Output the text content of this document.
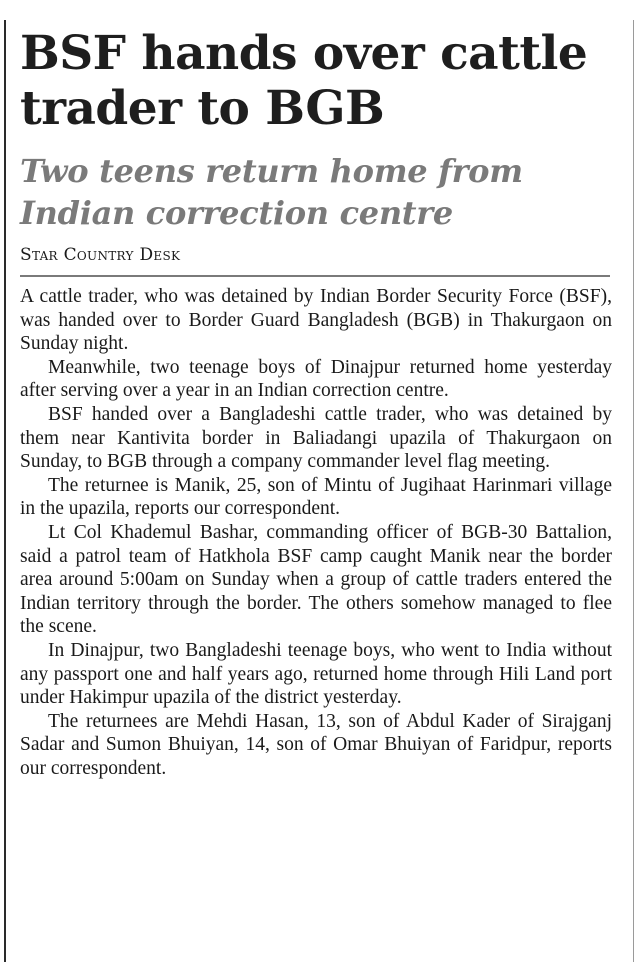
BSF hands over cattle trader to BGB
Two teens return home from Indian correction centre
Star Country Desk

A cattle trader, who was detained by Indian Border Security Force (BSF), was handed over to Border Guard Bangladesh (BGB) in Thakurgaon on Sunday night.

Meanwhile, two teenage boys of Dinajpur returned home yesterday after serving over a year in an Indian correction centre.

BSF handed over a Bangladeshi cattle trader, who was detained by them near Kantivita border in Baliadangi upazila of Thakurgaon on Sunday, to BGB through a company commander level flag meeting.

The returnee is Manik, 25, son of Mintu of Jugihaat Harinmari village in the upazila, reports our correspondent.

Lt Col Khademul Bashar, commanding officer of BGB-30 Battalion, said a patrol team of Hatkhola BSF camp caught Manik near the border area around 5:00am on Sunday when a group of cattle traders entered the Indian territory through the border. The others somehow managed to flee the scene.

In Dinajpur, two Bangladeshi teenage boys, who went to India without any passport one and half years ago, returned home through Hili Land port under Hakimpur upazila of the district yesterday.

The returnees are Mehdi Hasan, 13, son of Abdul Kader of Sirajganj Sadar and Sumon Bhuiyan, 14, son of Omar Bhuiyan of Faridpur, reports our correspondent.
